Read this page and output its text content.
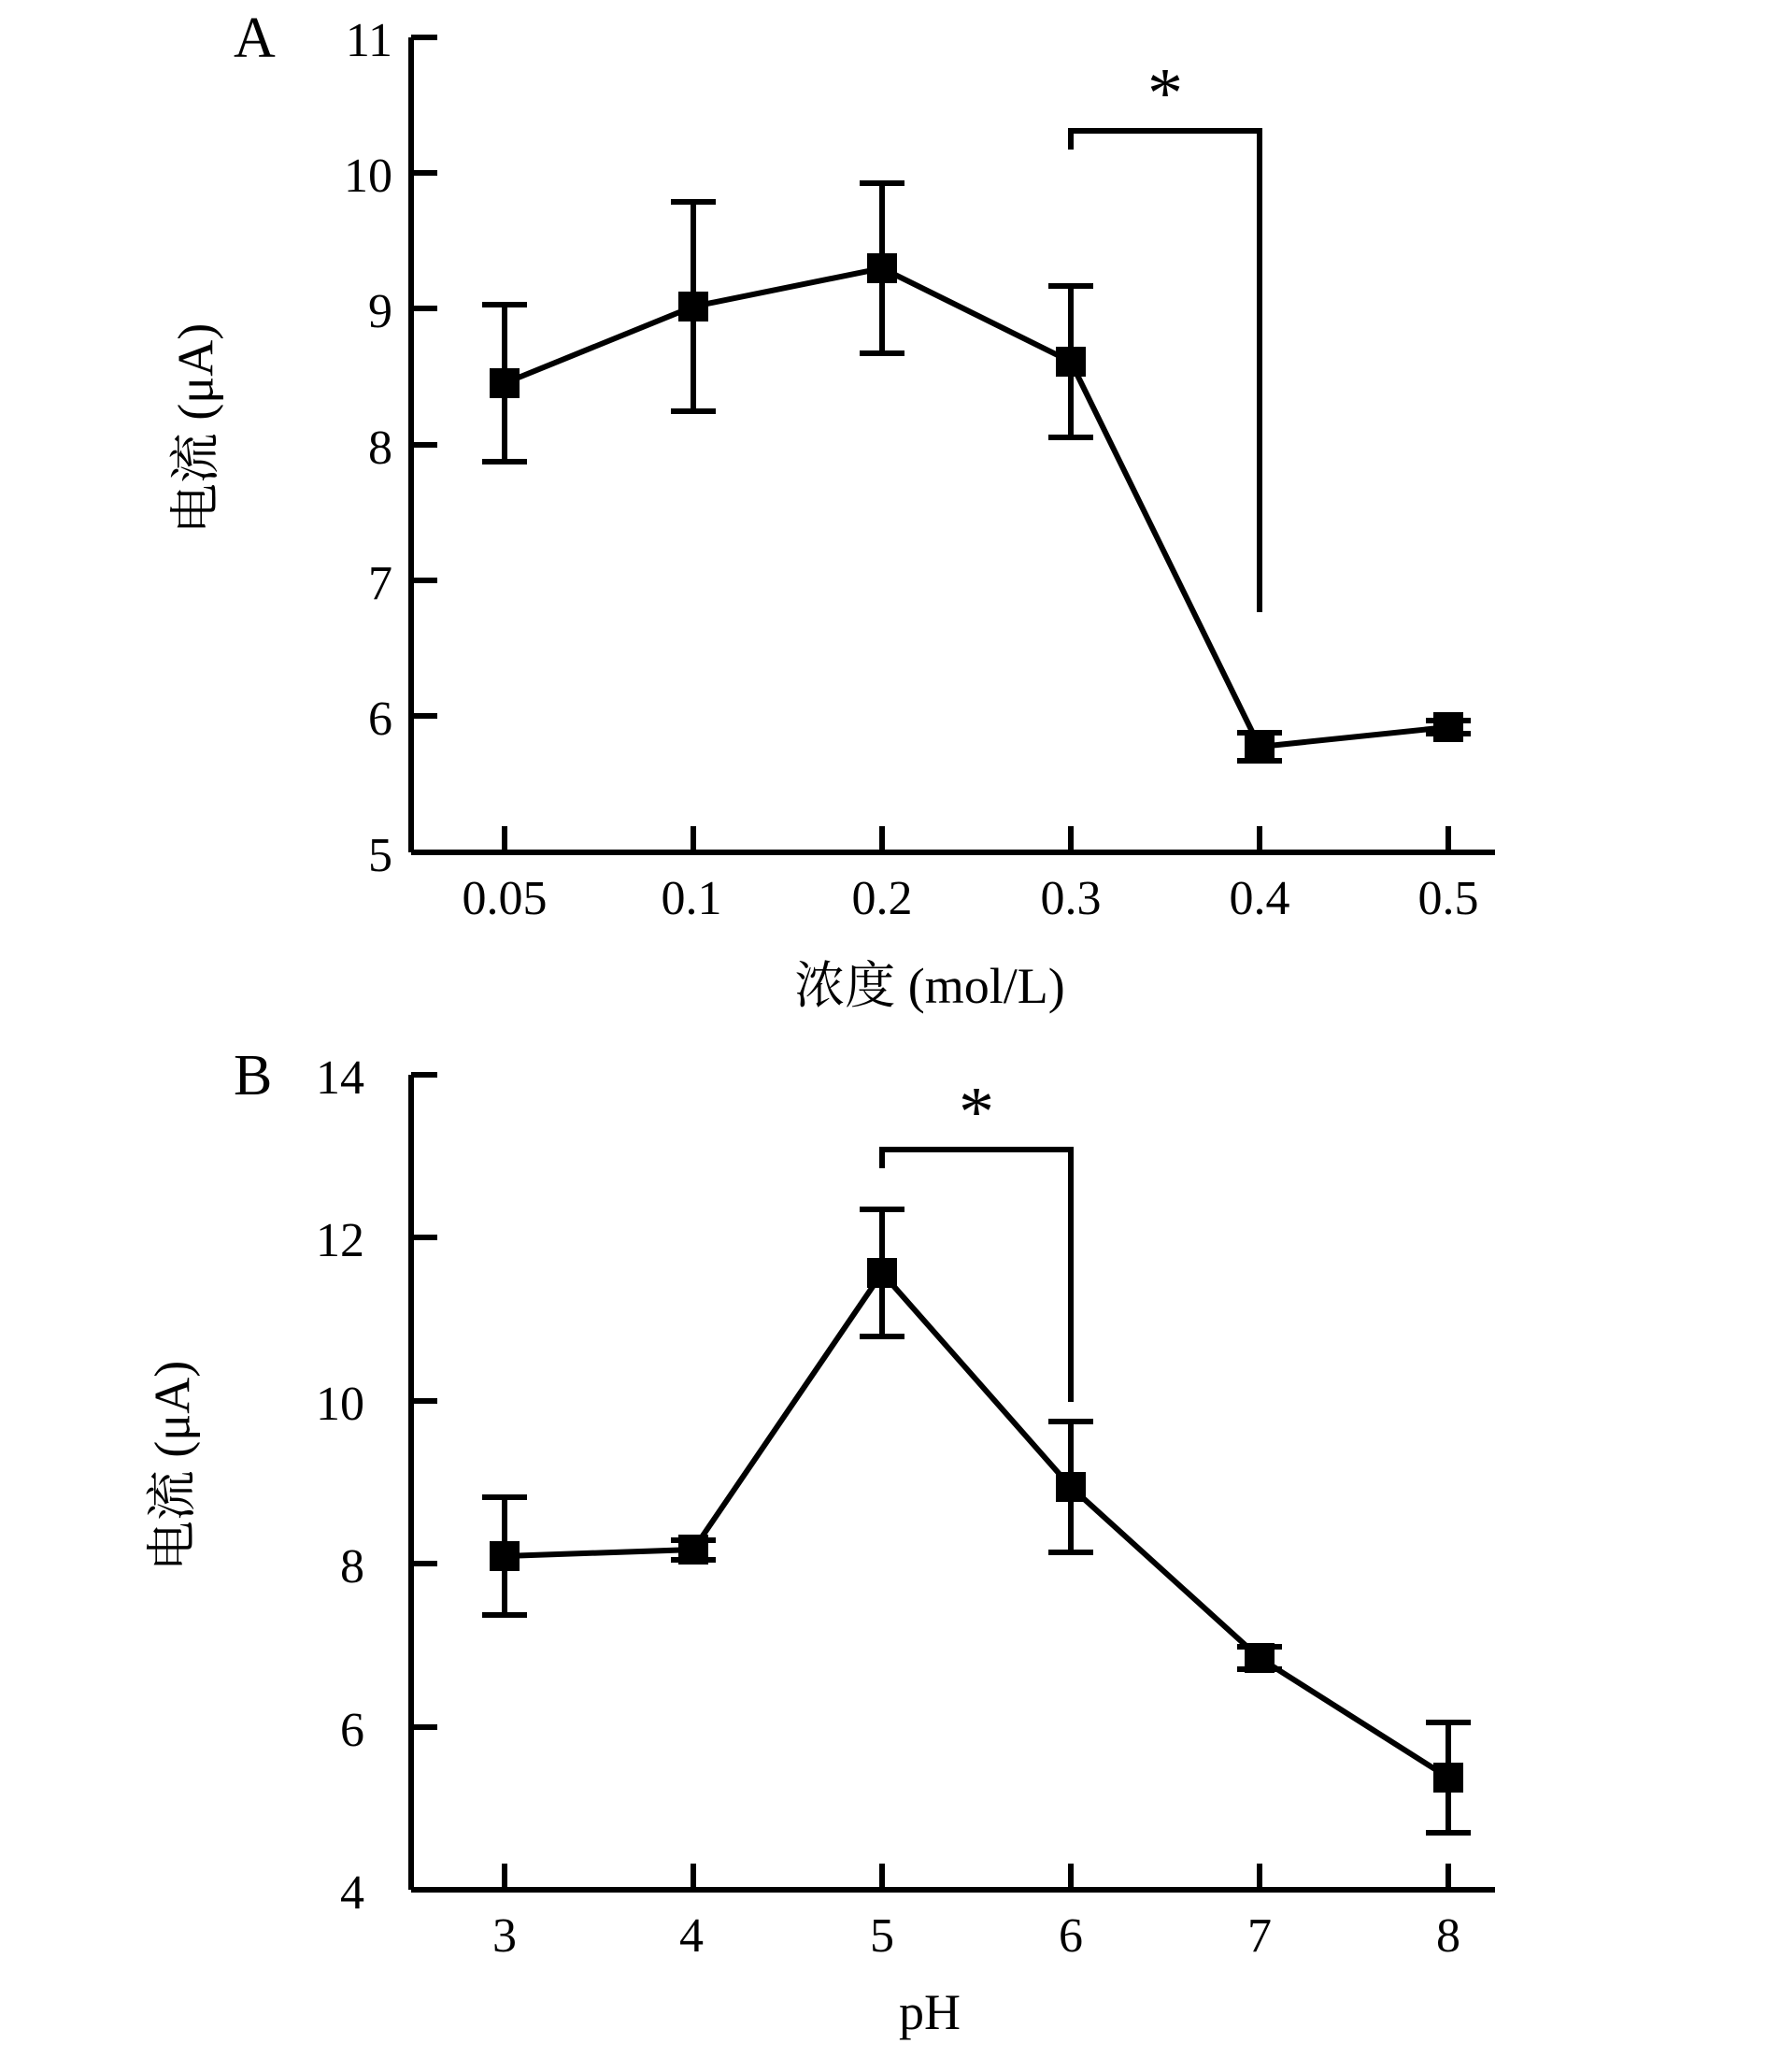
A
电流 (μA)
11
10
9
8
7
6
5
0.05	0.1	0.2	0.3	0.4	0.5
浓度 (mol/L)
*
B
电流 (μA)
14
12
10
8
6
4
3	4	5	6	7	8
pH
*
